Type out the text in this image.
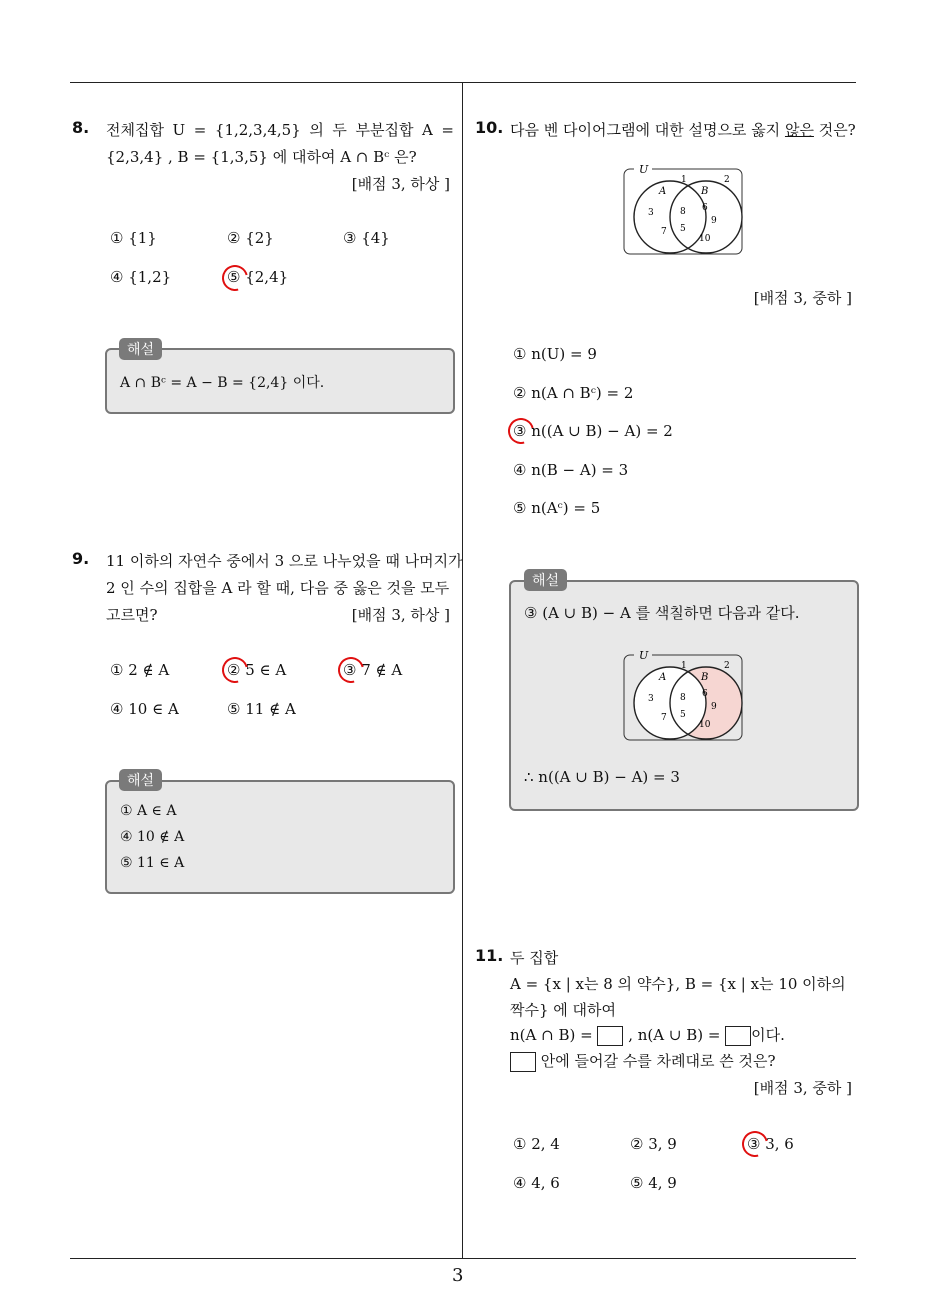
3
8. 전체집합 U = {1,2,3,4,5} 의 두 부분집합 A =
{2,3,4} , B = {1,3,5} 에 대하여 A ∩ Bᶜ 은?
[배점 3, 하상 ]
① {1}	② {2}	③ {4}
④ {1,2}	⑤ {2,4}
해설
A ∩ Bᶜ = A − B = {2,4} 이다.
9. 11 이하의 자연수 중에서 3 으로 나누었을 때 나머지가
2 인 수의 집합을 A 라 할 때, 다음 중 옳은 것을 모두
고르면?	[배점 3, 하상 ]
① 2 ∉ A	② 5 ∈ A	③ 7 ∉ A
④ 10 ∈ A	⑤ 11 ∉ A
해설
① A ∈ A
④ 10 ∉ A
⑤ 11 ∈ A
10. 다음 벤 다이어그램에 대한 설명으로 옳지 않은 것은?
U
A	B
1	2
3
7
8
5
6
9
10
[배점 3, 중하 ]
① n(U) = 9
② n(A ∩ Bᶜ) = 2
③ n((A ∪ B) − A) = 2
④ n(B − A) = 3
⑤ n(Aᶜ) = 5
해설
③ (A ∪ B) − A 를 색칠하면 다음과 같다.
U
A	B
1	2
3
7
8
5
6
9
10
∴ n((A ∪ B) − A) = 3
11. 두 집합
A = {x | x는 8 의 약수}, B = {x | x는 10 이하의
짝수} 에 대하여
n(A ∩ B) =  , n(A ∪ B) = 이다.
안에 들어갈 수를 차례대로 쓴 것은?
[배점 3, 중하 ]
① 2, 4	② 3, 9	③ 3, 6
④ 4, 6	⑤ 4, 9
